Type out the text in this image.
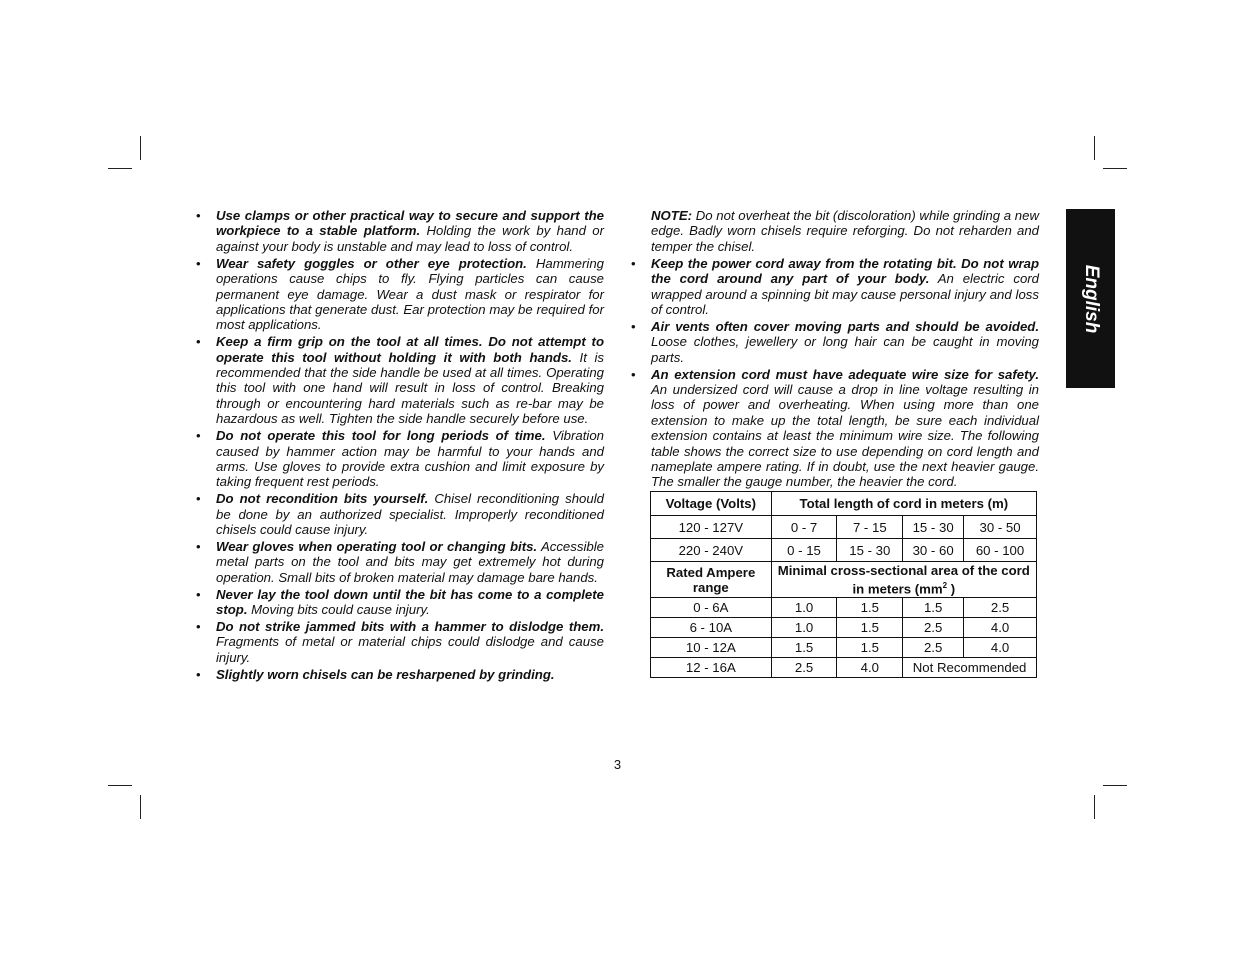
• Use clamps or other practical way to secure and support the workpiece to a stable platform. Holding the work by hand or against your body is unstable and may lead to loss of control.
• Wear safety goggles or other eye protection. Hammering operations cause chips to fly. Flying particles can cause permanent eye damage. Wear a dust mask or respirator for applications that generate dust. Ear protection may be required for most applications.
• Keep a firm grip on the tool at all times. Do not attempt to operate this tool without holding it with both hands. It is recommended that the side handle be used at all times. Operating this tool with one hand will result in loss of control. Breaking through or encountering hard materials such as re-bar may be hazardous as well. Tighten the side handle securely before use.
• Do not operate this tool for long periods of time. Vibration caused by hammer action may be harmful to your hands and arms. Use gloves to provide extra cushion and limit exposure by taking frequent rest periods.
• Do not recondition bits yourself. Chisel reconditioning should be done by an authorized specialist. Improperly reconditioned chisels could cause injury.
• Wear gloves when operating tool or changing bits. Accessible metal parts on the tool and bits may get extremely hot during operation. Small bits of broken material may damage bare hands.
• Never lay the tool down until the bit has come to a complete stop. Moving bits could cause injury.
• Do not strike jammed bits with a hammer to dislodge them. Fragments of metal or material chips could dislodge and cause injury.
• Slightly worn chisels can be resharpened by grinding.
NOTE: Do not overheat the bit (discoloration) while grinding a new edge. Badly worn chisels require reforging. Do not reharden and temper the chisel.
• Keep the power cord away from the rotating bit. Do not wrap the cord around any part of your body. An electric cord wrapped around a spinning bit may cause personal injury and loss of control.
• Air vents often cover moving parts and should be avoided. Loose clothes, jewellery or long hair can be caught in moving parts.
• An extension cord must have adequate wire size for safety. An undersized cord will cause a drop in line voltage resulting in loss of power and overheating. When using more than one extension to make up the total length, be sure each individual extension contains at least the minimum wire size. The following table shows the correct size to use depending on cord length and nameplate ampere rating. If in doubt, use the next heavier gauge. The smaller the gauge number, the heavier the cord.
Voltage (Volts)	Total length of cord in meters (m)			
120 - 127V	0 - 7	7 - 15	15 - 30	30 - 50
220 - 240V	0 - 15	15 - 30	30 - 60	60 - 100
Rated Ampere range	Minimal cross-sectional area of the cord in meters ($mm^2$ )			
0 - 6A	1.0	1.5	1.5	2.5
6 - 10A	1.0	1.5	2.5	4.0
10 - 12A	1.5	1.5	2.5	4.0
12 - 16A	2.5	4.0	Not Recommended	
English
3
